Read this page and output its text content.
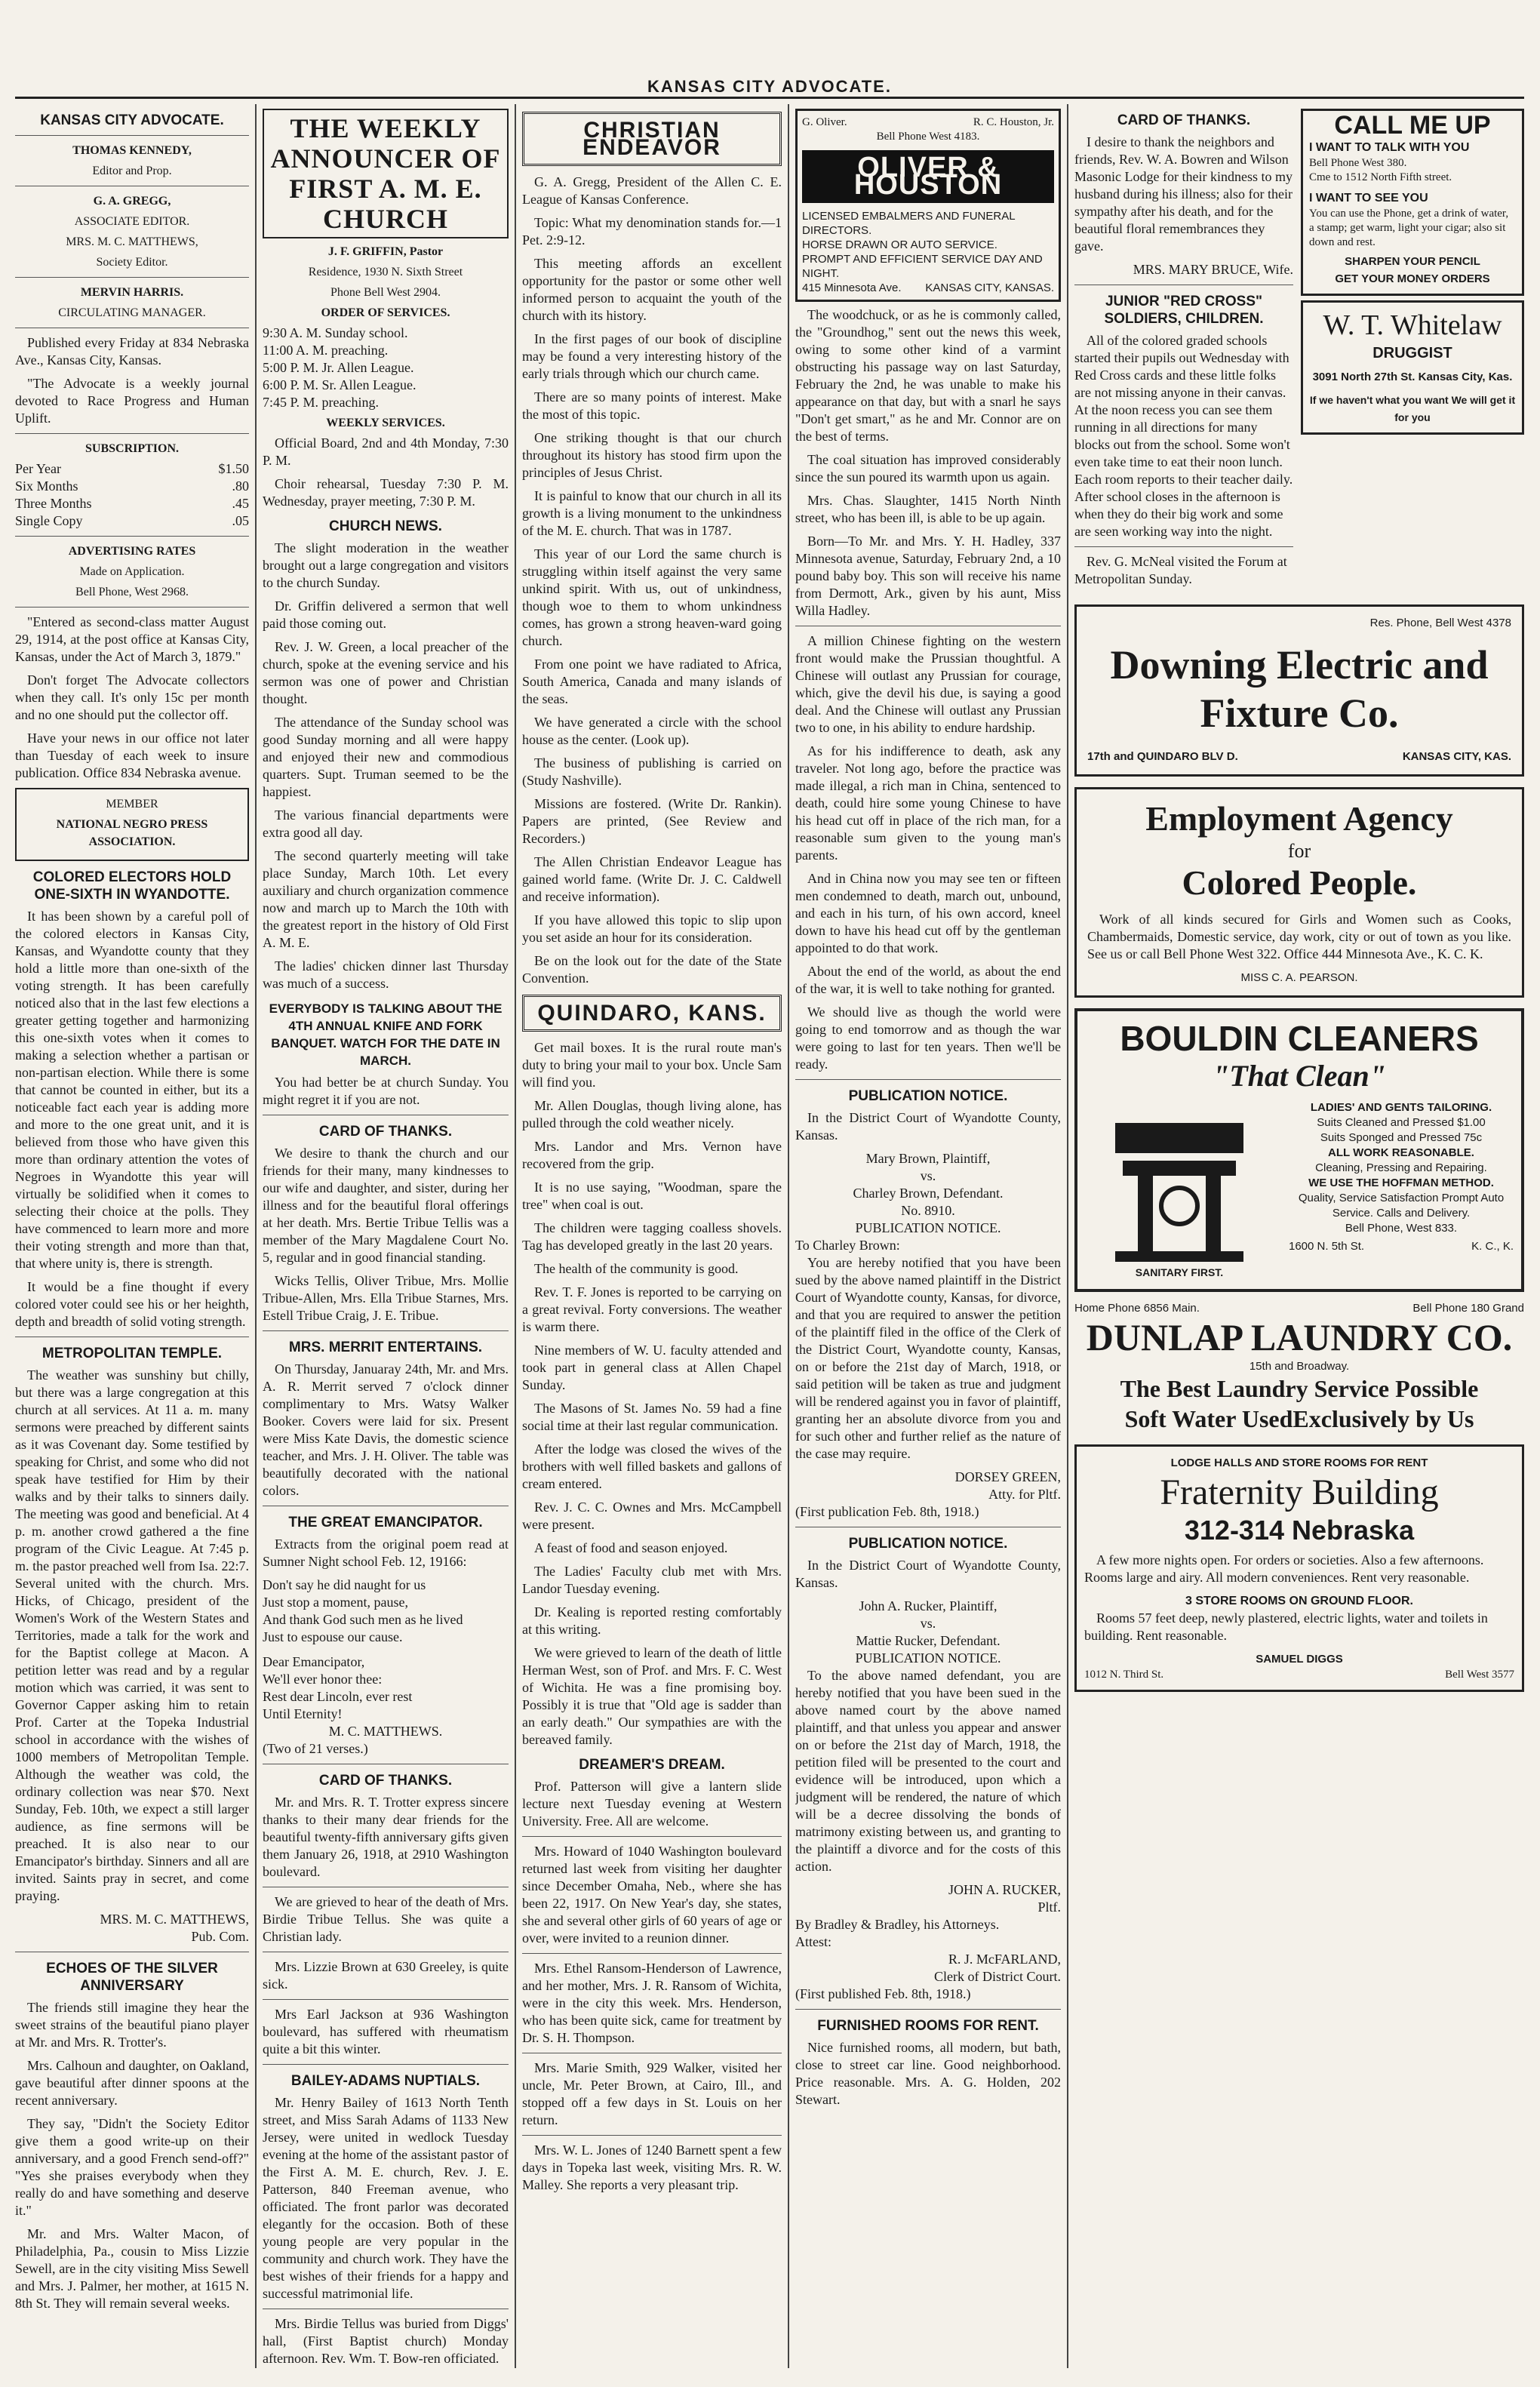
KANSAS CITY ADVOCATE.
KANSAS CITY ADVOCATE.
THOMAS KENNEDY,
Editor and Prop.
G. A. GREGG,
ASSOCIATE EDITOR.
MRS. M. C. MATTHEWS,
Society Editor.
MERVIN HARRIS.
CIRCULATING MANAGER.

Published every Friday at 834 Nebraska Ave., Kansas City, Kansas.

"The Advocate is a weekly journal devoted to Race Progress and Human Uplift.

SUBSCRIPTION.
Per Year	$1.50
Six Months	.80
Three Months	.45
Single Copy	.05
ADVERTISING RATES
Made on Application.
Bell Phone, West 2968.

"Entered as second-class matter August 29, 1914, at the post office at Kansas City, Kansas, under the Act of March 3, 1879."

Don't forget The Advocate collectors when they call. It's only 15c per month and no one should put the collector off.

Have your news in our office not later than Tuesday of each week to insure publication. Office 834 Nebraska avenue.

MEMBER
NATIONAL NEGRO PRESS ASSOCIATION.
COLORED ELECTORS HOLD ONE-SIXTH IN WYANDOTTE.

It has been shown by a careful poll of the colored electors in Kansas City, Kansas, and Wyandotte county that they hold a little more than one-sixth of the voting strength. It has been carefully noticed also that in the last few elections a greater getting together and harmonizing this one-sixth votes when it comes to making a selection whether a partisan or non-partisan election. While there is some that cannot be counted in either, but its a noticeable fact each year is adding more and more to the one great unit, and it is believed from those who have given this more than ordinary attention the votes of Negroes in Wyandotte this year will virtually be solidified when it comes to selecting their choice at the polls. They have commenced to learn more and more their voting strength and more than that, that where unity is, there is strength.

It would be a fine thought if every colored voter could see his or her heighth, depth and breadth of solid voting strength.

METROPOLITAN TEMPLE.

The weather was sunshiny but chilly, but there was a large congregation at this church at all services. At 11 a. m. many sermons were preached by different saints as it was Covenant day. Some testified by speaking for Christ, and some who did not speak have testified for Him by their walks and by their talks to sinners daily. The meeting was good and beneficial. At 4 p. m. another crowd gathered a the fine program of the Civic League. At 7:45 p. m. the pastor preached well from Isa. 22:7. Several united with the church. Mrs. Hicks, of Chicago, president of the Women's Work of the Western States and Territories, made a talk for the work and for the Baptist college at Macon. A petition letter was read and by a regular motion which was carried, it was sent to Governor Capper asking him to retain Prof. Carter at the Topeka Industrial school in accordance with the wishes of 1000 members of Metropolitan Temple. Although the weather was cold, the ordinary collection was near $70. Next Sunday, Feb. 10th, we expect a still larger audience, as fine sermons will be preached. It is also near to our Emancipator's birthday. Sinners and all are invited. Saints pray in secret, and come praying.

MRS. M. C. MATTHEWS,
Pub. Com.
ECHOES OF THE SILVER ANNIVERSARY

The friends still imagine they hear the sweet strains of the beautiful piano player at Mr. and Mrs. R. Trotter's.

Mrs. Calhoun and daughter, on Oakland, gave beautiful after dinner spoons at the recent anniversary.

They say, "Didn't the Society Editor give them a good write-up on their anniversary, and a good French send-off?" "Yes she praises everybody when they really do and have something and deserve it."

Mr. and Mrs. Walter Macon, of Philadelphia, Pa., cousin to Miss Lizzie Sewell, are in the city visiting Miss Sewell and Mrs. J. Palmer, her mother, at 1615 N. 8th St. They will remain several weeks.

THE WEEKLY ANNOUNCER OF FIRST A. M. E. CHURCH
J. F. GRIFFIN, Pastor
Residence, 1930 N. Sixth Street
Phone Bell West 2904.
ORDER OF SERVICES.
9:30 A. M. Sunday school.
11:00 A. M. preaching.
5:00 P. M. Jr. Allen League.
6:00 P. M. Sr. Allen League.
7:45 P. M. preaching.
WEEKLY SERVICES.

Official Board, 2nd and 4th Monday, 7:30 P. M.

Choir rehearsal, Tuesday 7:30 P. M. Wednesday, prayer meeting, 7:30 P. M.

CHURCH NEWS.

The slight moderation in the weather brought out a large congregation and visitors to the church Sunday.

Dr. Griffin delivered a sermon that well paid those coming out.

Rev. J. W. Green, a local preacher of the church, spoke at the evening service and his sermon was one of power and Christian thought.

The attendance of the Sunday school was good Sunday morning and all were happy and enjoyed their new and commodious quarters. Supt. Truman seemed to be the happiest.

The various financial departments were extra good all day.

The second quarterly meeting will take place Sunday, March 10th. Let every auxiliary and church organization commence now and march up to March the 10th with the greatest report in the history of Old First A. M. E.

The ladies' chicken dinner last Thursday was much of a success.

EVERYBODY IS TALKING ABOUT THE 4TH ANNUAL KNIFE AND FORK BANQUET. WATCH FOR THE DATE IN MARCH.

You had better be at church Sunday. You might regret it if you are not.

CARD OF THANKS.

We desire to thank the church and our friends for their many, many kindnesses to our wife and daughter, and sister, during her illness and for the beautiful floral offerings at her death. Mrs. Bertie Tribue Tellis was a member of the Mary Magdalene Court No. 5, regular and in good financial standing.

Wicks Tellis, Oliver Tribue, Mrs. Mollie Tribue-Allen, Mrs. Ella Tribue Starnes, Mrs. Estell Tribue Craig, J. E. Tribue.

MRS. MERRIT ENTERTAINS.

On Thursday, Januaray 24th, Mr. and Mrs. A. R. Merrit served 7 o'clock dinner complimentary to Mrs. Watsy Walker Booker. Covers were laid for six. Present were Miss Kate Davis, the domestic science teacher, and Mrs. J. H. Oliver. The table was beautifully decorated with the national colors.

THE GREAT EMANCIPATOR.

Extracts from the original poem read at Sumner Night school Feb. 12, 19166:

Don't say he did naught for us
Just stop a moment, pause,
And thank God such men as he lived
Just to espouse our cause.
Dear Emancipator,
We'll ever honor thee:
Rest dear Lincoln, ever rest
Until Eternity!
M. C. MATTHEWS.
(Two of 21 verses.)
CARD OF THANKS.

Mr. and Mrs. R. T. Trotter express sincere thanks to their many dear friends for the beautiful twenty-fifth anniversary gifts given them January 26, 1918, at 2910 Washington boulevard.

We are grieved to hear of the death of Mrs. Birdie Tribue Tellus. She was quite a Christian lady.

Mrs. Lizzie Brown at 630 Greeley, is quite sick.

Mrs Earl Jackson at 936 Washington boulevard, has suffered with rheumatism quite a bit this winter.

BAILEY-ADAMS NUPTIALS.

Mr. Henry Bailey of 1613 North Tenth street, and Miss Sarah Adams of 1133 New Jersey, were united in wedlock Tuesday evening at the home of the assistant pastor of the First A. M. E. church, Rev. J. E. Patterson, 840 Freeman avenue, who officiated. The front parlor was decorated elegantly for the occasion. Both of these young people are very popular in the community and church work. They have the best wishes of their friends for a happy and successful matrimonial life.

Mrs. Birdie Tellus was buried from Diggs' hall, (First Baptist church) Monday afternoon. Rev. Wm. T. Bow-ren officiated.

CHRISTIAN ENDEAVOR

G. A. Gregg, President of the Allen C. E. League of Kansas Conference.

Topic: What my denomination stands for.—1 Pet. 2:9-12.

This meeting affords an excellent opportunity for the pastor or some other well informed person to acquaint the youth of the church with its history.

In the first pages of our book of discipline may be found a very interesting history of the early trials through which our church came.

There are so many points of interest. Make the most of this topic.

One striking thought is that our church throughout its history has stood firm upon the principles of Jesus Christ.

It is painful to know that our church in all its growth is a living monument to the unkindness of the M. E. church. That was in 1787.

This year of our Lord the same church is struggling within itself against the very same unkind spirit. With us, out of unkindness, though woe to them to whom unkindness comes, has grown a strong heaven-ward going church.

From one point we have radiated to Africa, South America, Canada and many islands of the seas.

We have generated a circle with the school house as the center. (Look up).

The business of publishing is carried on (Study Nashville).

Missions are fostered. (Write Dr. Rankin). Papers are printed, (See Review and Recorders.)

The Allen Christian Endeavor League has gained world fame. (Write Dr. J. C. Caldwell and receive information).

If you have allowed this topic to slip upon you set aside an hour for its consideration.

Be on the look out for the date of the State Convention.

QUINDARO, KANS.

Get mail boxes. It is the rural route man's duty to bring your mail to your box. Uncle Sam will find you.

Mr. Allen Douglas, though living alone, has pulled through the cold weather nicely.

Mrs. Landor and Mrs. Vernon have recovered from the grip.

It is no use saying, "Woodman, spare the tree" when coal is out.

The children were tagging coalless shovels. Tag has developed greatly in the last 20 years.

The health of the community is good.

Rev. T. F. Jones is reported to be carrying on a great revival. Forty conversions. The weather is warm there.

Nine members of W. U. faculty attended and took part in general class at Allen Chapel Sunday.

The Masons of St. James No. 59 had a fine social time at their last regular communication.

After the lodge was closed the wives of the brothers with well filled baskets and gallons of cream entered.

Rev. J. C. C. Ownes and Mrs. McCampbell were present.

A feast of food and season enjoyed.

The Ladies' Faculty club met with Mrs. Landor Tuesday evening.

Dr. Kealing is reported resting comfortably at this writing.

We were grieved to learn of the death of little Herman West, son of Prof. and Mrs. F. C. West of Wichita. He was a fine promising boy. Possibly it is true that "Old age is sadder than an early death." Our sympathies are with the bereaved family.

DREAMER'S DREAM.

Prof. Patterson will give a lantern slide lecture next Tuesday evening at Western University. Free. All are welcome.

Mrs. Howard of 1040 Washington boulevard returned last week from visiting her daughter since December Omaha, Neb., where she has been 22, 1917. On New Year's day, she states, she and several other girls of 60 years of age or over, were invited to a reunion dinner.

Mrs. Ethel Ransom-Henderson of Lawrence, and her mother, Mrs. J. R. Ransom of Wichita, were in the city this week. Mrs. Henderson, who has been quite sick, came for treatment by Dr. S. H. Thompson.

Mrs. Marie Smith, 929 Walker, visited her uncle, Mr. Peter Brown, at Cairo, Ill., and stopped off a few days in St. Louis on her return.

Mrs. W. L. Jones of 1240 Barnett spent a few days in Topeka last week, visiting Mrs. R. W. Malley. She reports a very pleasant trip.

G. Oliver.	R. C. Houston, Jr.
Bell Phone West 4183.
OLIVER & HOUSTON
LICENSED EMBALMERS AND FUNERAL DIRECTORS.
HORSE DRAWN OR AUTO SERVICE.
PROMPT AND EFFICIENT SERVICE DAY AND NIGHT.
415 Minnesota Ave. KANSAS CITY, KANSAS.

The woodchuck, or as he is commonly called, the "Groundhog," sent out the news this week, owing to some other kind of a varmint obstructing his passage way on last Saturday, February the 2nd, he was unable to make his appearance on that day, but with a snarl he says "Don't get smart," as he and Mr. Connor are on the best of terms.

The coal situation has improved considerably since the sun poured its warmth upon us again.

Mrs. Chas. Slaughter, 1415 North Ninth street, who has been ill, is able to be up again.

Born—To Mr. and Mrs. Y. H. Hadley, 337 Minnesota avenue, Saturday, February 2nd, a 10 pound baby boy. This son will receive his name from Dermott, Ark., given by his aunt, Miss Willa Hadley.

A million Chinese fighting on the western front would make the Prussian thoughtful. A Chinese will outlast any Prussian for courage, which, give the devil his due, is saying a good deal. And the Chinese will outlast any Prussian two to one, in his ability to endure hardship.

As for his indifference to death, ask any traveler. Not long ago, before the practice was made illegal, a rich man in China, sentenced to death, could hire some young Chinese to have his head cut off in place of the rich man, for a reasonable sum given to the young man's parents.

And in China now you may see ten or fifteen men condemned to death, march out, unbound, and each in his turn, of his own accord, kneel down to have his head cut off by the gentleman appointed to do that work.

About the end of the world, as about the end of the war, it is well to take nothing for granted.

We should live as though the world were going to end tomorrow and as though the war were going to last for ten years. Then we'll be ready.

PUBLICATION NOTICE.

In the District Court of Wyandotte County, Kansas.

Mary Brown, Plaintiff,
vs.
Charley Brown, Defendant.
No. 8910.
PUBLICATION NOTICE.
To Charley Brown:

You are hereby notified that you have been sued by the above named plaintiff in the District Court of Wyandotte county, Kansas, for divorce, and that you are required to answer the petition of the plaintiff filed in the office of the Clerk of the District Court, Wyandotte county, Kansas, on or before the 21st day of March, 1918, or said petition will be taken as true and judgment will be rendered against you in favor of plaintiff, granting her an absolute divorce from you and for such other and further relief as the nature of the case may require.

DORSEY GREEN,
Atty. for Pltf.
(First publication Feb. 8th, 1918.)
PUBLICATION NOTICE.

In the District Court of Wyandotte County, Kansas.

John A. Rucker, Plaintiff,
vs.
Mattie Rucker, Defendant.
PUBLICATION NOTICE.

To the above named defendant, you are hereby notified that you have been sued in the above named court by the above named plaintiff, and that unless you appear and answer on or before the 21st day of March, 1918, the petition filed will be presented to the court and evidence will be introduced, upon which a judgment will be rendered, the nature of which will be a decree dissolving the bonds of matrimony existing between us, and granting to the plaintiff a divorce and for the costs of this action.

JOHN A. RUCKER,
Pltf.
By Bradley & Bradley, his Attorneys.
Attest:
R. J. McFARLAND,
Clerk of District Court.
(First published Feb. 8th, 1918.)
FURNISHED ROOMS FOR RENT.

Nice furnished rooms, all modern, but bath, close to street car line. Good neighborhood. Price reasonable. Mrs. A. G. Holden, 202 Stewart.

CARD OF THANKS.

I desire to thank the neighbors and friends, Rev. W. A. Bowren and Wilson Masonic Lodge for their kindness to my husband during his illness; also for their sympathy after his death, and for the beautiful floral remembrances they gave.

MRS. MARY BRUCE, Wife.
JUNIOR "RED CROSS" SOLDIERS, CHILDREN.

All of the colored graded schools started their pupils out Wednesday with Red Cross cards and these little folks are not missing anyone in their canvas. At the noon recess you can see them running in all directions for many blocks out from the school. Some won't even take time to eat their noon lunch. Each room reports to their teacher daily. After school closes in the afternoon is when they do their big work and some are seen working way into the night.

Rev. G. McNeal visited the Forum at Metropolitan Sunday.

CALL ME UP
I WANT TO TALK WITH YOU
Bell Phone West 380.
Cme to 1512 North Fifth street.
I WANT TO SEE YOU
You can use the Phone, get a drink of water, a stamp; get warm, light your cigar; also sit down and rest.
SHARPEN YOUR PENCIL
GET YOUR MONEY ORDERS
W. T. Whitelaw
DRUGGIST
3091 North 27th St. Kansas City, Kas.
If we haven't what you want We will get it for you
Res. Phone, Bell West 4378
Downing Electric and Fixture Co.
17th and QUINDARO BLV D.	KANSAS CITY, KAS.
Employment Agency
for
Colored People.

Work of all kinds secured for Girls and Women such as Cooks, Chambermaids, Domestic service, day work, city or out of town as you like. See us or call Bell Phone West 322. Office 444 Minnesota Ave., K. C. K.

MISS C. A. PEARSON.
BOULDIN CLEANERS
"That Clean"
SANITARY FIRST.
LADIES' AND GENTS TAILORING.
Suits Cleaned and Pressed $1.00
Suits Sponged and Pressed 75c
ALL WORK REASONABLE.
Cleaning, Pressing and Repairing.
WE USE THE HOFFMAN METHOD.
Quality, Service Satisfaction Prompt Auto Service. Calls and Delivery.
Bell Phone, West 833.
1600 N. 5th St.	K. C., K.
Home Phone 6856 Main.	Bell Phone 180 Grand
DUNLAP LAUNDRY CO.
15th and Broadway.
The Best Laundry Service Possible
Soft Water UsedExclusively by Us
LODGE HALLS AND STORE ROOMS FOR RENT
Fraternity Building
312-314 Nebraska

A few more nights open. For orders or societies. Also a few afternoons. Rooms large and airy. All modern conveniences. Rent very reasonable.

3 STORE ROOMS ON GROUND FLOOR.

Rooms 57 feet deep, newly plastered, electric lights, water and toilets in building. Rent reasonable.

SAMUEL DIGGS
1012 N. Third St.	Bell West 3577
